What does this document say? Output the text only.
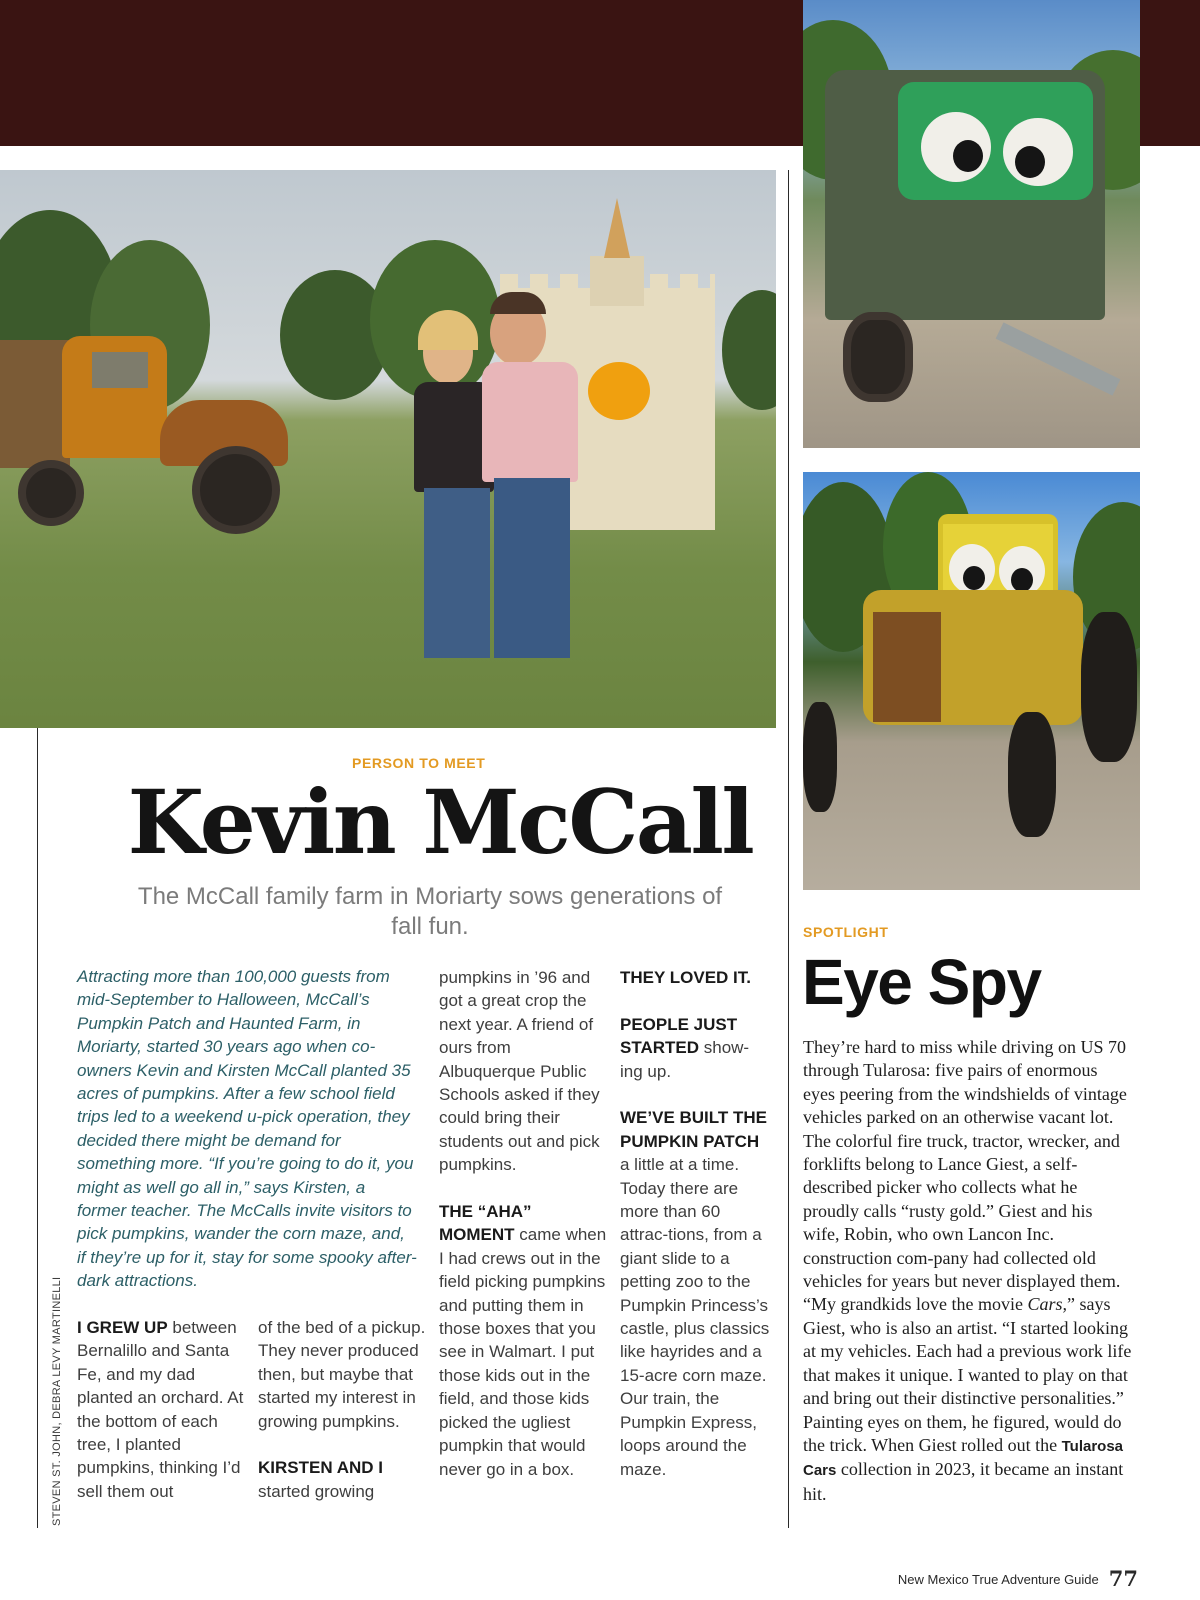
STEVEN ST. JOHN, DEBRA LEVY MARTINELLI
PERSON TO MEET
Kevin McCall
The McCall family farm in Moriarty sows generations of fall fun.
Attracting more than 100,000 guests from mid-September to Halloween, McCall’s Pumpkin Patch and Haunted Farm, in Moriarty, started 30 years ago when co-owners Kevin and Kirsten McCall planted 35 acres of pumpkins. After a few school field trips led to a weekend u-pick operation, they decided there might be demand for something more. “If you’re going to do it, you might as well go all in,” says Kirsten, a former teacher. The McCalls invite visitors to pick pumpkins, wander the corn maze, and, if they’re up for it, stay for some spooky after-dark attractions.

I GREW UP between Bernalillo and Santa Fe, and my dad planted an orchard. At the bottom of each tree, I planted pumpkins, thinking I’d sell them out

of the bed of a pickup. They never produced then, but maybe that started my interest in growing pumpkins.

KIRSTEN AND I started growing

pumpkins in ’96 and got a great crop the next year. A friend of ours from Albuquerque Public Schools asked if they could bring their students out and pick pumpkins.

THE “AHA” MOMENT came when I had crews out in the field picking pumpkins and putting them in those boxes that you see in Walmart. I put those kids out in the field, and those kids picked the ugliest pumpkin that would never go in a box.

THEY LOVED IT.

PEOPLE JUST STARTED show-ing up.

WE’VE BUILT THE PUMPKIN PATCH a little at a time. Today there are more than 60 attrac-tions, from a giant slide to a petting zoo to the Pumpkin Princess’s castle, plus classics like hayrides and a 15-acre corn maze. Our train, the Pumpkin Express, loops around the maze.

SPOTLIGHT
Eye Spy
They’re hard to miss while driving on US 70 through Tularosa: five pairs of enormous eyes peering from the windshields of vintage vehicles parked on an otherwise vacant lot. The colorful fire truck, tractor, wrecker, and forklifts belong to Lance Giest, a self-described picker who collects what he proudly calls “rusty gold.” Giest and his wife, Robin, who own Lancon Inc. construction com-pany had collected old vehicles for years but never displayed them. “My grandkids love the movie Cars,” says Giest, who is also an artist. “I started looking at my vehicles. Each had a previous work life that makes it unique. I wanted to play on that and bring out their distinctive personalities.” Painting eyes on them, he figured, would do the trick. When Giest rolled out the Tularosa Cars collection in 2023, it became an instant hit.
New Mexico True Adventure Guide 77
